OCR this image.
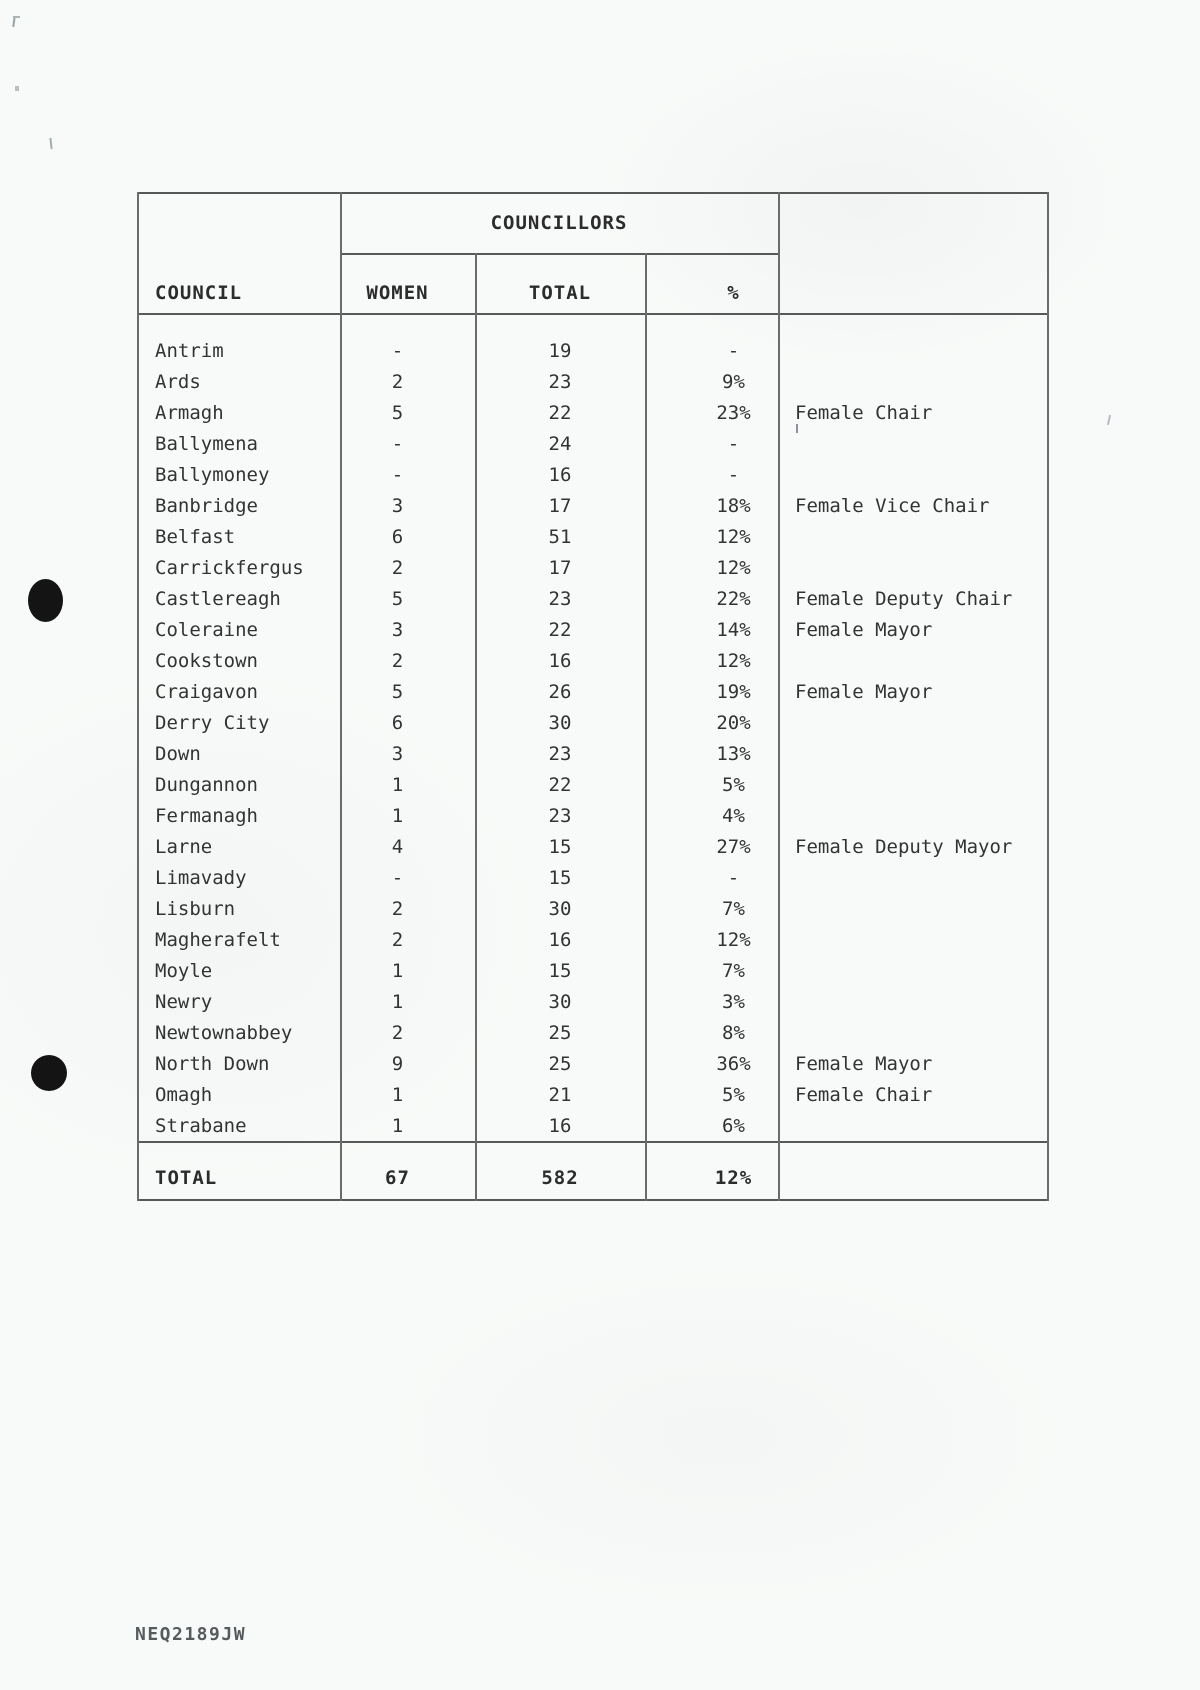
COUNCILLORS
COUNCIL	WOMEN	TOTAL	%
Antrim	-	19	-
Ards	2	23	9%
Armagh	5	22	23%	Female Chair
Ballymena	-	24	-
Ballymoney	-	16	-
Banbridge	3	17	18%	Female Vice Chair
Belfast	6	51	12%
Carrickfergus	2	17	12%
Castlereagh	5	23	22%	Female Deputy Chair
Coleraine	3	22	14%	Female Mayor
Cookstown	2	16	12%
Craigavon	5	26	19%	Female Mayor
Derry City	6	30	20%
Down	3	23	13%
Dungannon	1	22	5%
Fermanagh	1	23	4%
Larne	4	15	27%	Female Deputy Mayor
Limavady	-	15	-
Lisburn	2	30	7%
Magherafelt	2	16	12%
Moyle	1	15	7%
Newry	1	30	3%
Newtownabbey	2	25	8%
North Down	9	25	36%	Female Mayor
Omagh	1	21	5%	Female Chair
Strabane	1	16	6%
TOTAL	67	582	12%
NEQ2189JW
